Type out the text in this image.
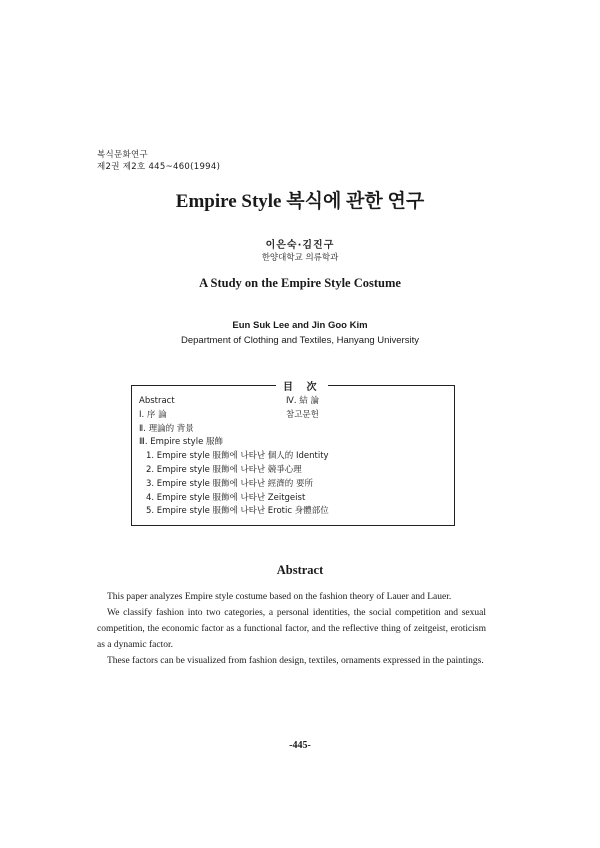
복식문화연구
제2권 제2호 445~460(1994)
Empire Style 복식에 관한 연구
이은숙·김진구
한양대학교 의류학과
A Study on the Empire Style Costume
Eun Suk Lee and Jin Goo Kim
Department of Clothing and Textiles, Hanyang University
目 次
Abstract
Ⅰ. 序 論
Ⅱ. 理論的 背景
Ⅲ. Empire style 服飾
1. Empire style 服飾에 나타난 個人的 Identity
2. Empire style 服飾에 나타난 競爭心理
3. Empire style 服飾에 나타난 經濟的 要所
4. Empire style 服飾에 나타난 Zeitgeist
5. Empire style 服飾에 나타난 Erotic 身體部位
Ⅳ. 結 論
참고문헌
Abstract

This paper analyzes Empire style costume based on the fashion theory of Lauer and Lauer.

We classify fashion into two categories, a personal identities, the social competition and sexual competition, the economic factor as a functional factor, and the reflective thing of zeitgeist, eroticism as a dynamic factor.

These factors can be visualized from fashion design, textiles, ornaments expressed in the paintings.

-445-
